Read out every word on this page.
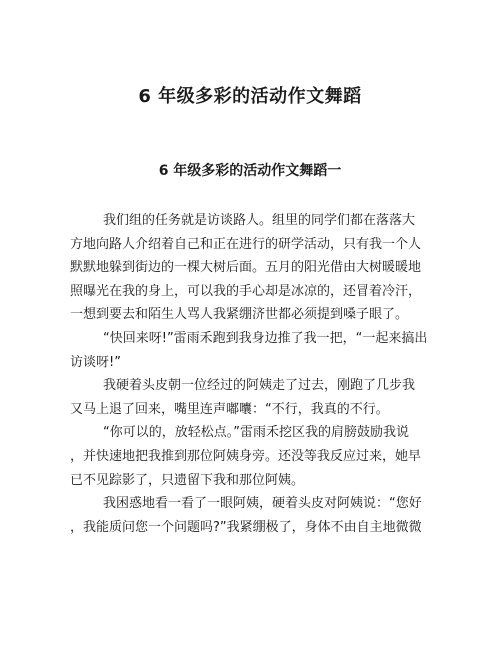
6 年级多彩的活动作文舞蹈
6 年级多彩的活动作文舞蹈一
我们组的任务就是访谈路人。组里的同学们都在落落大
方地向路人介绍着自己和正在进行的研学活动，只有我一个人
默默地躲到街边的一棵大树后面。五月的阳光借由大树暖暖地
照曝光在我的身上，可以我的手心却是冰凉的，还冒着冷汗，
一想到要去和陌生人骂人我紧绷济世都必须提到嗓子眼了。
“快回来呀!”雷雨禾跑到我身边推了我一把，“一起来搞出
访谈呀!”
我硬着头皮朝一位经过的阿姨走了过去，刚跑了几步我
又马上退了回来，嘴里连声嘟囔：“不行，我真的不行。
“你可以的，放轻松点。”雷雨禾挖区我的肩膀鼓励我说
，并快速地把我推到那位阿姨身旁。还没等我反应过来，她早
已不见踪影了，只遗留下我和那位阿姨。
我困惑地看一看了一眼阿姨，硬着头皮对阿姨说：“您好
，我能质问您一个问题吗?”我紧绷极了，身体不由自主地微微
